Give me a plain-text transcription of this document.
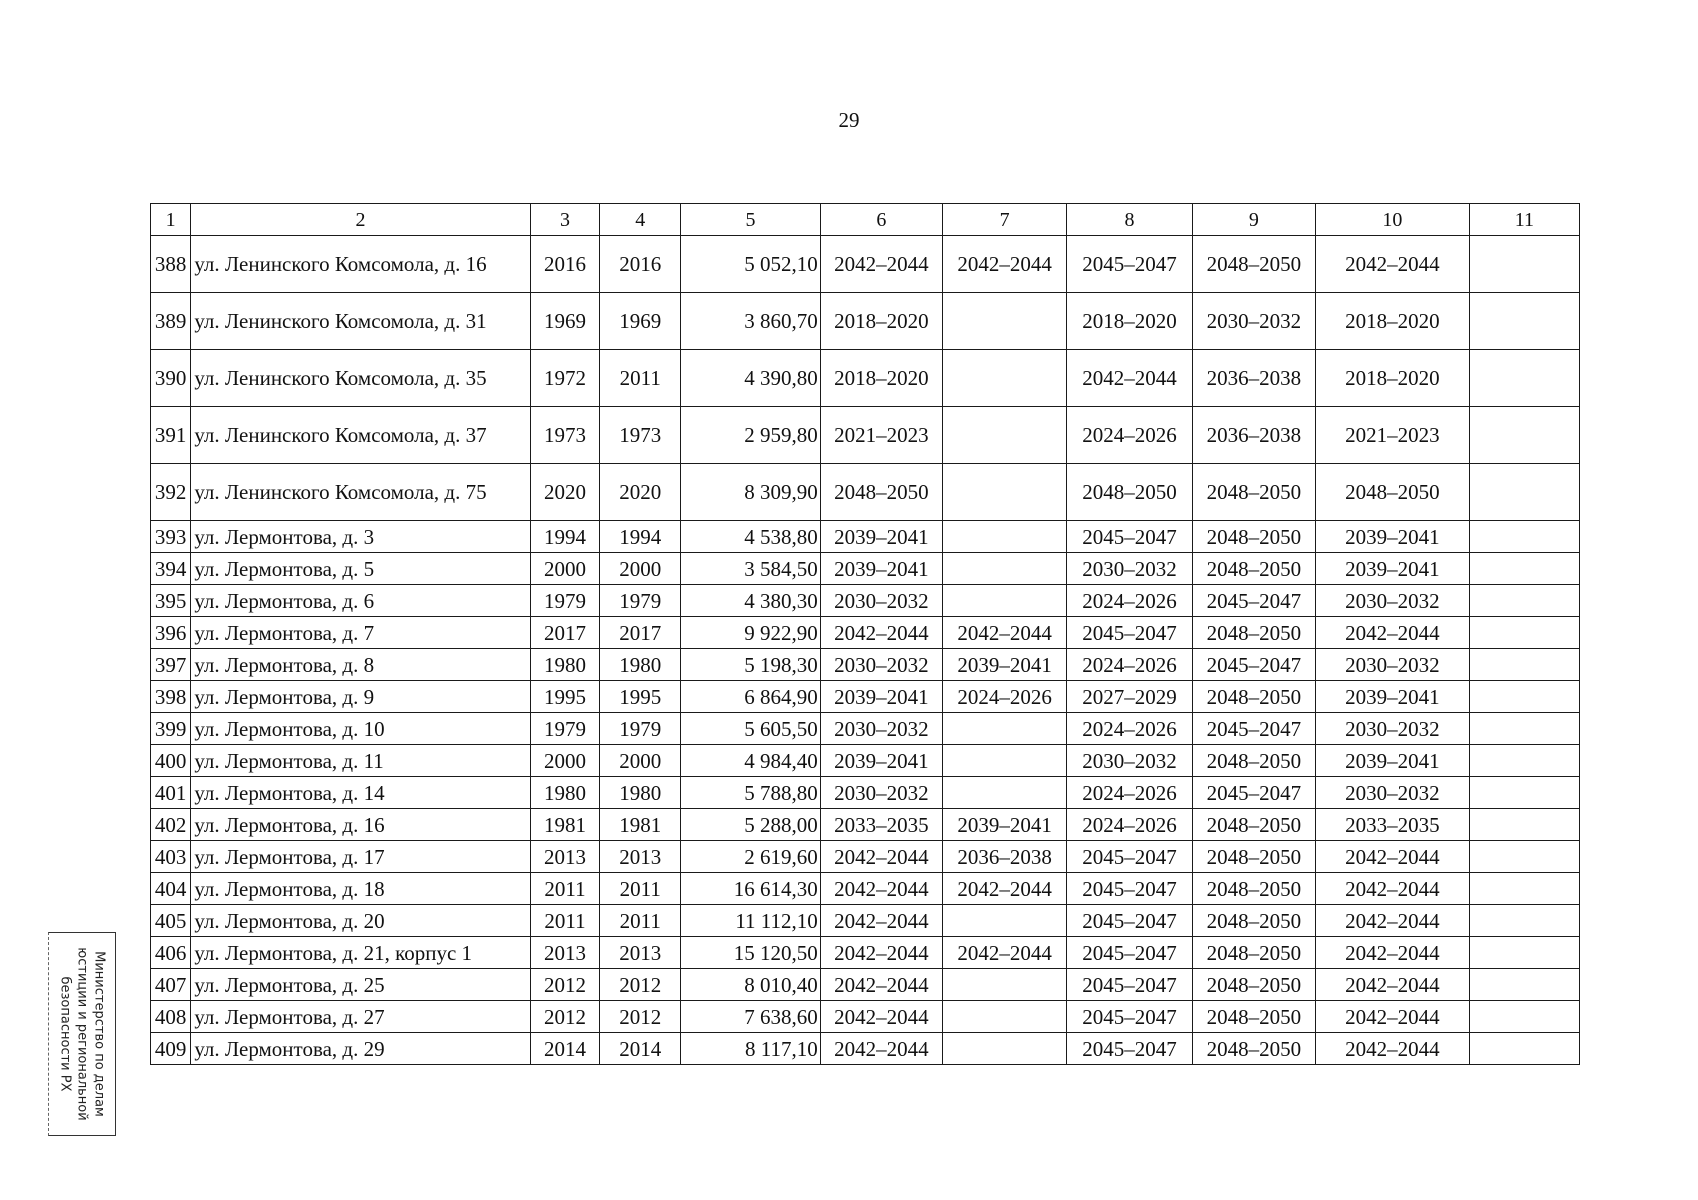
29
1	2	3	4	5	6	7	8	9	10	11
388	ул. Ленинского Комсомола, д. 16	2016	2016	5 052,10	2042–2044	2042–2044	2045–2047	2048–2050	2042–2044	
389	ул. Ленинского Комсомола, д. 31	1969	1969	3 860,70	2018–2020		2018–2020	2030–2032	2018–2020	
390	ул. Ленинского Комсомола, д. 35	1972	2011	4 390,80	2018–2020		2042–2044	2036–2038	2018–2020	
391	ул. Ленинского Комсомола, д. 37	1973	1973	2 959,80	2021–2023		2024–2026	2036–2038	2021–2023	
392	ул. Ленинского Комсомола, д. 75	2020	2020	8 309,90	2048–2050		2048–2050	2048–2050	2048–2050	
393	ул. Лермонтова, д. 3	1994	1994	4 538,80	2039–2041		2045–2047	2048–2050	2039–2041	
394	ул. Лермонтова, д. 5	2000	2000	3 584,50	2039–2041		2030–2032	2048–2050	2039–2041	
395	ул. Лермонтова, д. 6	1979	1979	4 380,30	2030–2032		2024–2026	2045–2047	2030–2032	
396	ул. Лермонтова, д. 7	2017	2017	9 922,90	2042–2044	2042–2044	2045–2047	2048–2050	2042–2044	
397	ул. Лермонтова, д. 8	1980	1980	5 198,30	2030–2032	2039–2041	2024–2026	2045–2047	2030–2032	
398	ул. Лермонтова, д. 9	1995	1995	6 864,90	2039–2041	2024–2026	2027–2029	2048–2050	2039–2041	
399	ул. Лермонтова, д. 10	1979	1979	5 605,50	2030–2032		2024–2026	2045–2047	2030–2032	
400	ул. Лермонтова, д. 11	2000	2000	4 984,40	2039–2041		2030–2032	2048–2050	2039–2041	
401	ул. Лермонтова, д. 14	1980	1980	5 788,80	2030–2032		2024–2026	2045–2047	2030–2032	
402	ул. Лермонтова, д. 16	1981	1981	5 288,00	2033–2035	2039–2041	2024–2026	2048–2050	2033–2035	
403	ул. Лермонтова, д. 17	2013	2013	2 619,60	2042–2044	2036–2038	2045–2047	2048–2050	2042–2044	
404	ул. Лермонтова, д. 18	2011	2011	16 614,30	2042–2044	2042–2044	2045–2047	2048–2050	2042–2044	
405	ул. Лермонтова, д. 20	2011	2011	11 112,10	2042–2044		2045–2047	2048–2050	2042–2044	
406	ул. Лермонтова, д. 21, корпус 1	2013	2013	15 120,50	2042–2044	2042–2044	2045–2047	2048–2050	2042–2044	
407	ул. Лермонтова, д. 25	2012	2012	8 010,40	2042–2044		2045–2047	2048–2050	2042–2044	
408	ул. Лермонтова, д. 27	2012	2012	7 638,60	2042–2044		2045–2047	2048–2050	2042–2044	
409	ул. Лермонтова, д. 29	2014	2014	8 117,10	2042–2044		2045–2047	2048–2050	2042–2044	
Министерство по делам
юстиции и региональной
безопасности РХ
